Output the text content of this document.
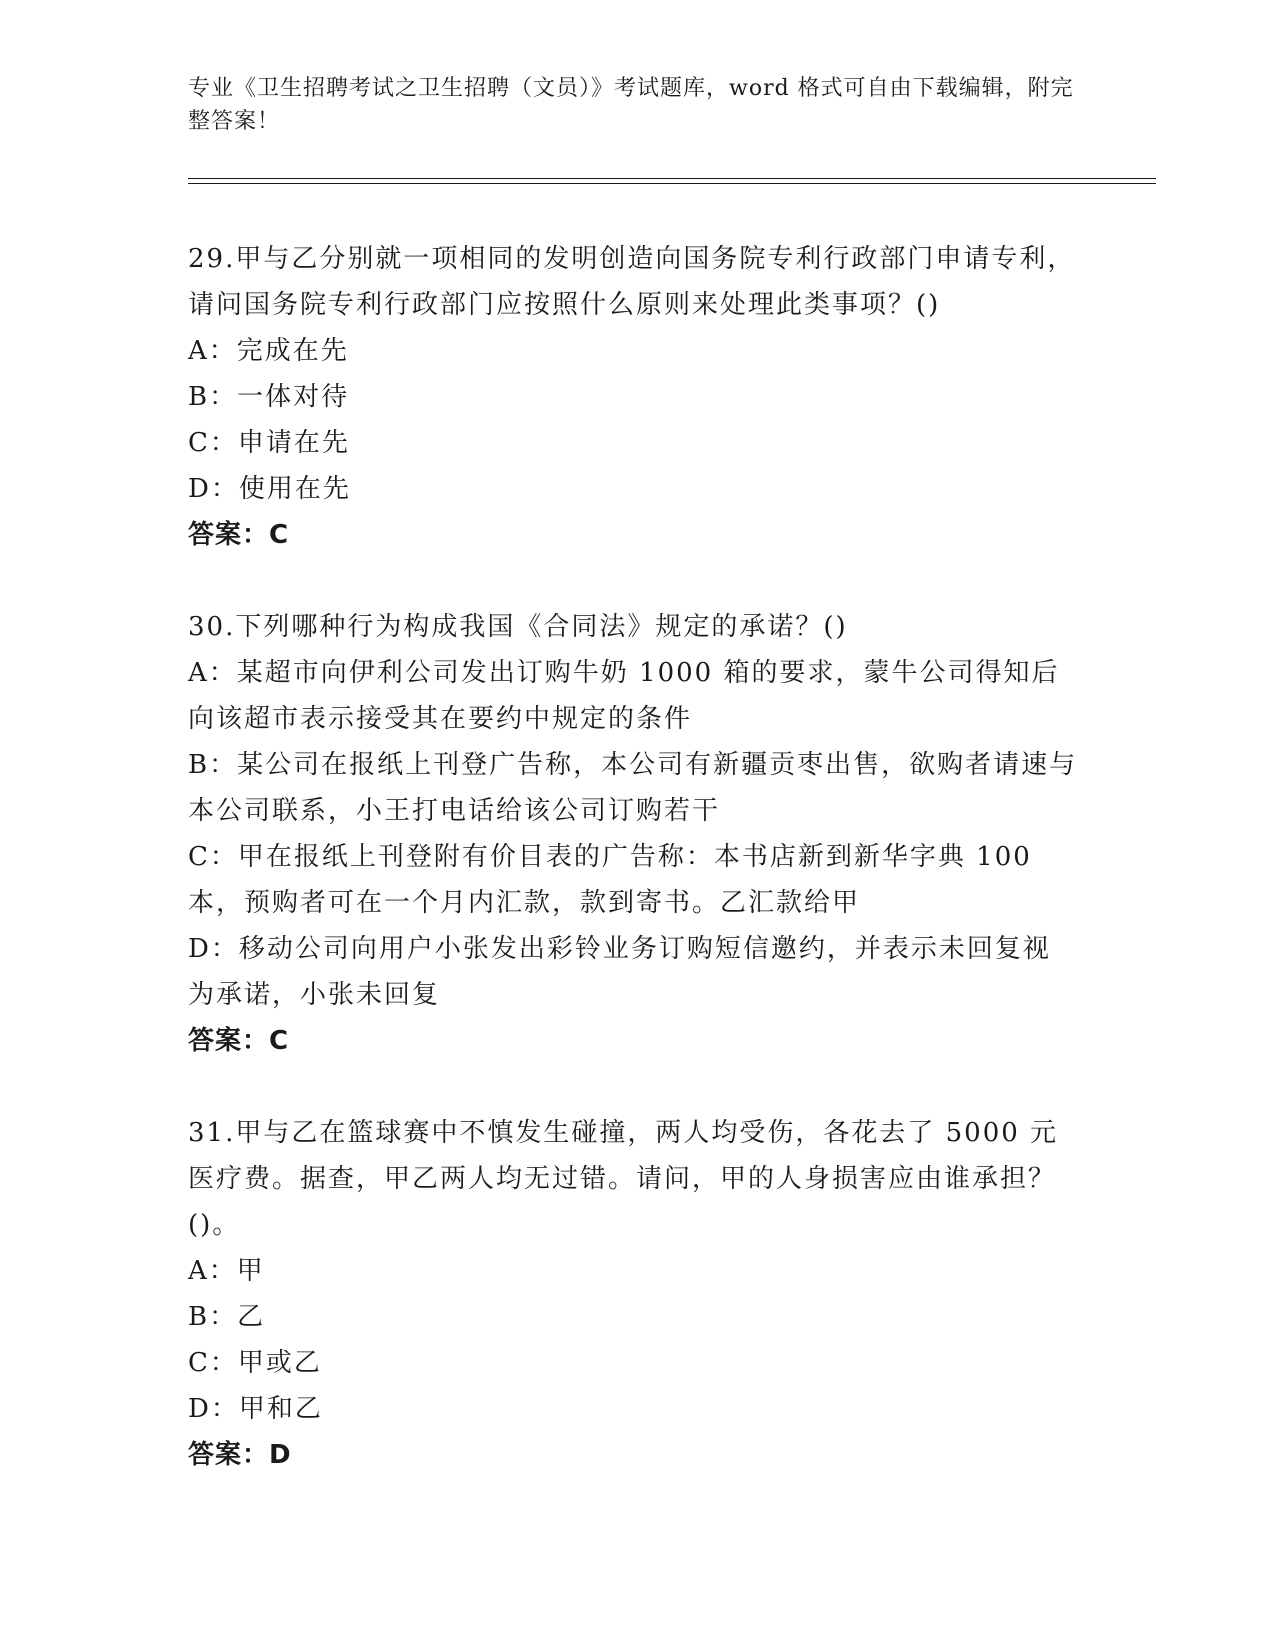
专业《卫生招聘考试之卫生招聘（文员）》考试题库，word 格式可自由下载编辑，附完整答案！

29.甲与乙分别就一项相同的发明创造向国务院专利行政部门申请专利，请问国务院专利行政部门应按照什么原则来处理此类事项？()

A：完成在先

B：一体对待

C：申请在先

D：使用在先

答案：C

30.下列哪种行为构成我国《合同法》规定的承诺？()

A：某超市向伊利公司发出订购牛奶 1000 箱的要求，蒙牛公司得知后向该超市表示接受其在要约中规定的条件

B：某公司在报纸上刊登广告称，本公司有新疆贡枣出售，欲购者请速与本公司联系，小王打电话给该公司订购若干

C：甲在报纸上刊登附有价目表的广告称：本书店新到新华字典 100 本，预购者可在一个月内汇款，款到寄书。乙汇款给甲

D：移动公司向用户小张发出彩铃业务订购短信邀约，并表示未回复视为承诺，小张未回复

答案：C

31.甲与乙在篮球赛中不慎发生碰撞，两人均受伤，各花去了 5000 元医疗费。据查，甲乙两人均无过错。请问，甲的人身损害应由谁承担？()。

A：甲

B：乙

C：甲或乙

D：甲和乙

答案：D
